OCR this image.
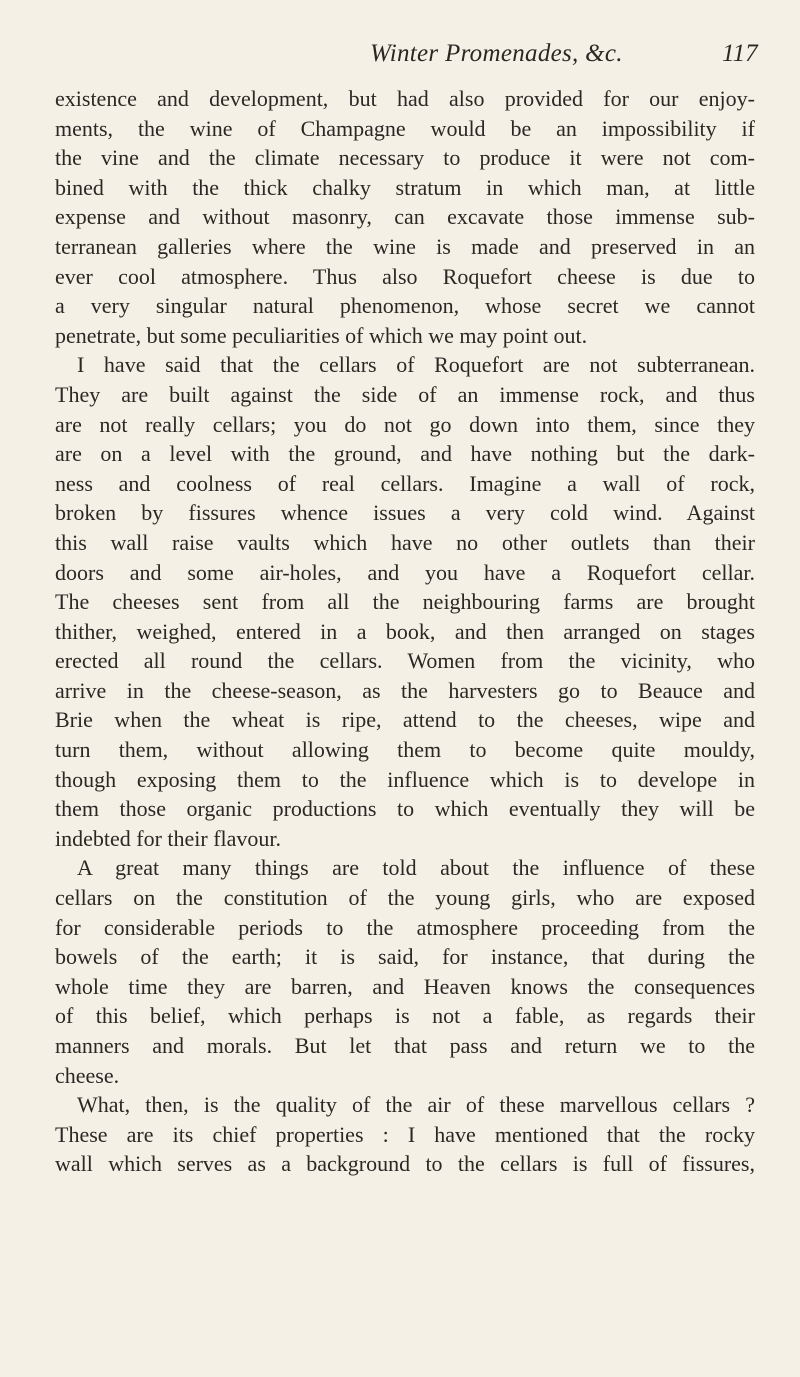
Winter Promenades, &c.	117
existence and development, but had also provided for our enjoy-
ments, the wine of Champagne would be an impossibility if
the vine and the climate necessary to produce it were not com-
bined with the thick chalky stratum in which man, at little
expense and without masonry, can excavate those immense sub-
terranean galleries where the wine is made and preserved in an
ever cool atmosphere. Thus also Roquefort cheese is due to
a very singular natural phenomenon, whose secret we cannot
penetrate, but some peculiarities of which we may point out.
I have said that the cellars of Roquefort are not subterranean.
They are built against the side of an immense rock, and thus
are not really cellars; you do not go down into them, since they
are on a level with the ground, and have nothing but the dark-
ness and coolness of real cellars. Imagine a wall of rock,
broken by fissures whence issues a very cold wind. Against
this wall raise vaults which have no other outlets than their
doors and some air-holes, and you have a Roquefort cellar.
The cheeses sent from all the neighbouring farms are brought
thither, weighed, entered in a book, and then arranged on stages
erected all round the cellars. Women from the vicinity, who
arrive in the cheese-season, as the harvesters go to Beauce and
Brie when the wheat is ripe, attend to the cheeses, wipe and
turn them, without allowing them to become quite mouldy,
though exposing them to the influence which is to develope in
them those organic productions to which eventually they will be
indebted for their flavour.
A great many things are told about the influence of these
cellars on the constitution of the young girls, who are exposed
for considerable periods to the atmosphere proceeding from the
bowels of the earth; it is said, for instance, that during the
whole time they are barren, and Heaven knows the consequences
of this belief, which perhaps is not a fable, as regards their
manners and morals. But let that pass and return we to the
cheese.
What, then, is the quality of the air of these marvellous cellars ?
These are its chief properties : I have mentioned that the rocky
wall which serves as a background to the cellars is full of fissures,
